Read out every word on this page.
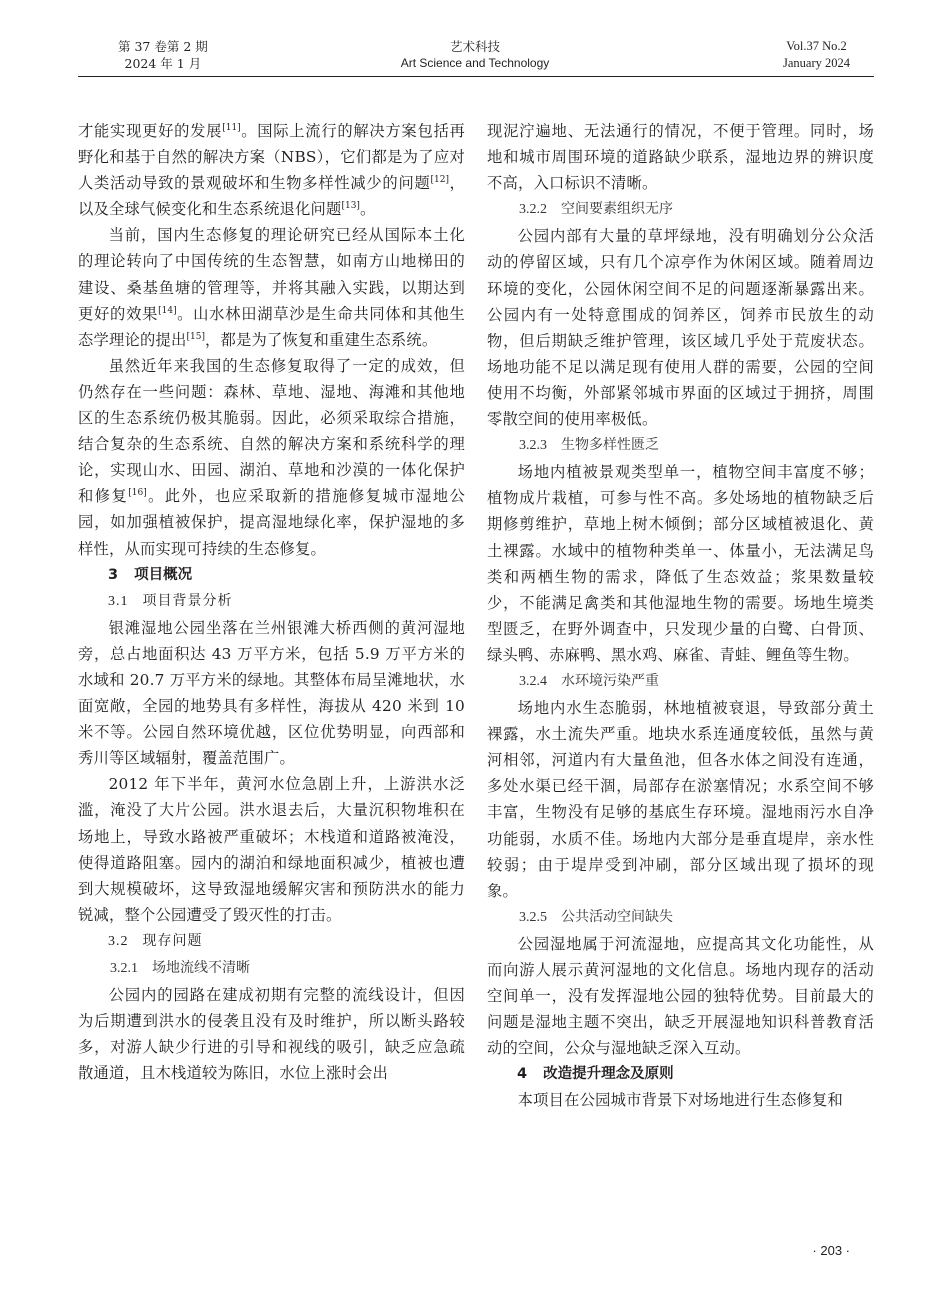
第 37 卷第 2 期
2024 年 1 月
艺术科技
Art Science and Technology
Vol.37 No.2
January 2024

才能实现更好的发展[11]。国际上流行的解决方案包括再野化和基于自然的解决方案（NBS），它们都是为了应对人类活动导致的景观破坏和生物多样性减少的问题[12]，以及全球气候变化和生态系统退化问题[13]。

当前，国内生态修复的理论研究已经从国际本土化的理论转向了中国传统的生态智慧，如南方山地梯田的建设、桑基鱼塘的管理等，并将其融入实践，以期达到更好的效果[14]。山水林田湖草沙是生命共同体和其他生态学理论的提出[15]，都是为了恢复和重建生态系统。

虽然近年来我国的生态修复取得了一定的成效，但仍然存在一些问题：森林、草地、湿地、海滩和其他地区的生态系统仍极其脆弱。因此，必须采取综合措施，结合复杂的生态系统、自然的解决方案和系统科学的理论，实现山水、田园、湖泊、草地和沙漠的一体化保护和修复[16]。此外，也应采取新的措施修复城市湿地公园，如加强植被保护，提高湿地绿化率，保护湿地的多样性，从而实现可持续的生态修复。

3 项目概况

3.1 项目背景分析

银滩湿地公园坐落在兰州银滩大桥西侧的黄河湿地旁，总占地面积达 43 万平方米，包括 5.9 万平方米的水域和 20.7 万平方米的绿地。其整体布局呈滩地状，水面宽敞，全园的地势具有多样性，海拔从 420 米到 10 米不等。公园自然环境优越，区位优势明显，向西部和秀川等区域辐射，覆盖范围广。

2012 年下半年，黄河水位急剧上升，上游洪水泛滥，淹没了大片公园。洪水退去后，大量沉积物堆积在场地上，导致水路被严重破坏；木栈道和道路被淹没，使得道路阻塞。园内的湖泊和绿地面积减少，植被也遭到大规模破坏，这导致湿地缓解灾害和预防洪水的能力锐减，整个公园遭受了毁灭性的打击。

3.2 现存问题

3.2.1 场地流线不清晰

公园内的园路在建成初期有完整的流线设计，但因为后期遭到洪水的侵袭且没有及时维护，所以断头路较多，对游人缺少行进的引导和视线的吸引，缺乏应急疏散通道，且木栈道较为陈旧，水位上涨时会出

现泥泞遍地、无法通行的情况，不便于管理。同时，场地和城市周围环境的道路缺少联系，湿地边界的辨识度不高，入口标识不清晰。

3.2.2 空间要素组织无序

公园内部有大量的草坪绿地，没有明确划分公众活动的停留区域，只有几个凉亭作为休闲区域。随着周边环境的变化，公园休闲空间不足的问题逐渐暴露出来。公园内有一处特意围成的饲养区，饲养市民放生的动物，但后期缺乏维护管理，该区域几乎处于荒废状态。场地功能不足以满足现有使用人群的需要，公园的空间使用不均衡，外部紧邻城市界面的区域过于拥挤，周围零散空间的使用率极低。

3.2.3 生物多样性匮乏

场地内植被景观类型单一，植物空间丰富度不够；植物成片栽植，可参与性不高。多处场地的植物缺乏后期修剪维护，草地上树木倾倒；部分区域植被退化、黄土裸露。水域中的植物种类单一、体量小，无法满足鸟类和两栖生物的需求，降低了生态效益；浆果数量较少，不能满足禽类和其他湿地生物的需要。场地生境类型匮乏，在野外调查中，只发现少量的白鹭、白骨顶、绿头鸭、赤麻鸭、黑水鸡、麻雀、青蛙、鲤鱼等生物。

3.2.4 水环境污染严重

场地内水生态脆弱，林地植被衰退，导致部分黄土裸露，水土流失严重。地块水系连通度较低，虽然与黄河相邻，河道内有大量鱼池，但各水体之间没有连通，多处水渠已经干涸，局部存在淤塞情况；水系空间不够丰富，生物没有足够的基底生存环境。湿地雨污水自净功能弱，水质不佳。场地内大部分是垂直堤岸，亲水性较弱；由于堤岸受到冲刷，部分区域出现了损坏的现象。

3.2.5 公共活动空间缺失

公园湿地属于河流湿地，应提高其文化功能性，从而向游人展示黄河湿地的文化信息。场地内现存的活动空间单一，没有发挥湿地公园的独特优势。目前最大的问题是湿地主题不突出，缺乏开展湿地知识科普教育活动的空间，公众与湿地缺乏深入互动。

4 改造提升理念及原则

本项目在公园城市背景下对场地进行生态修复和

· 203 ·
